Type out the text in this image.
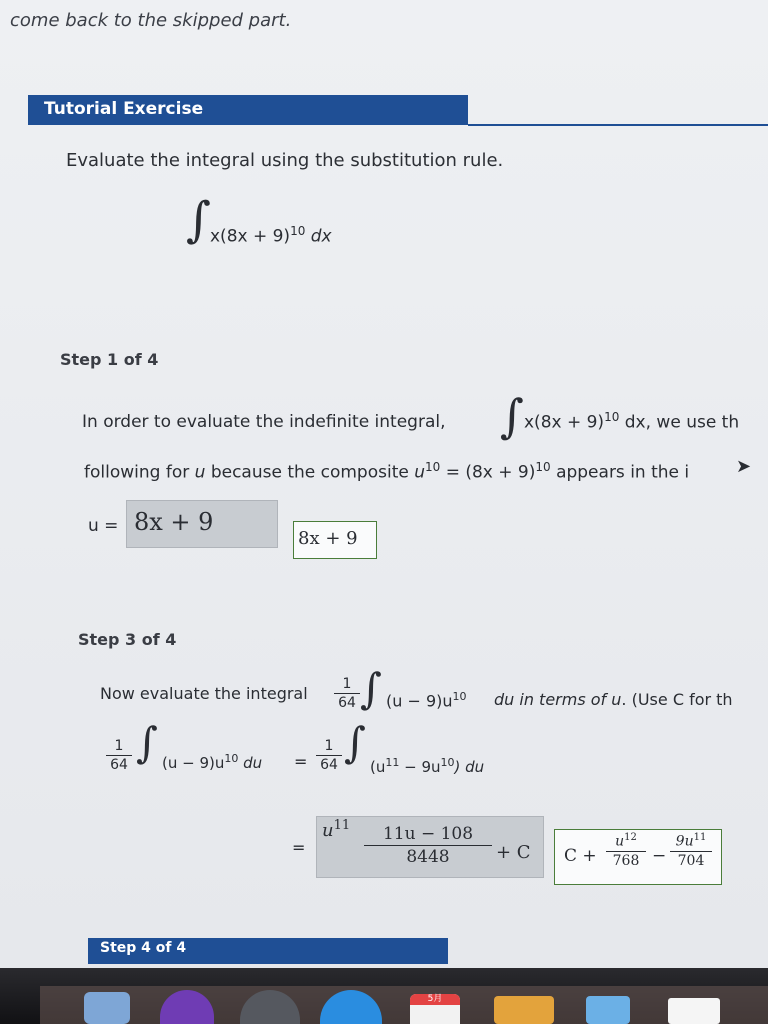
come back to the skipped part.
Tutorial Exercise
Evaluate the integral using the substitution rule.
∫
$x(8x + 9)^{10}$ dx
Step 1 of 4
In order to evaluate the indefinite integral, ∫ $x(8x + 9)^{10}$ dx, we use th
following for u because the composite $u^{10} = (8x + 9)^{10}$ appears in the i	➤
u = 8x + 9
8x + 9
Step 3 of 4
Now evaluate the integral	1
64 ∫ $(u - 9)u^{10}$ du in terms of u. (Use C for th
1
64 ∫ $(u - 9)u^{10}$ du =
1
64 ∫ $(u^{11} - 9u^{10})$ du
=
$u^{11}$	11u − 108
8448	+ C C +
$u^{12}$
768 −
$9u^{11}$
704
Step 4 of 4
5月
